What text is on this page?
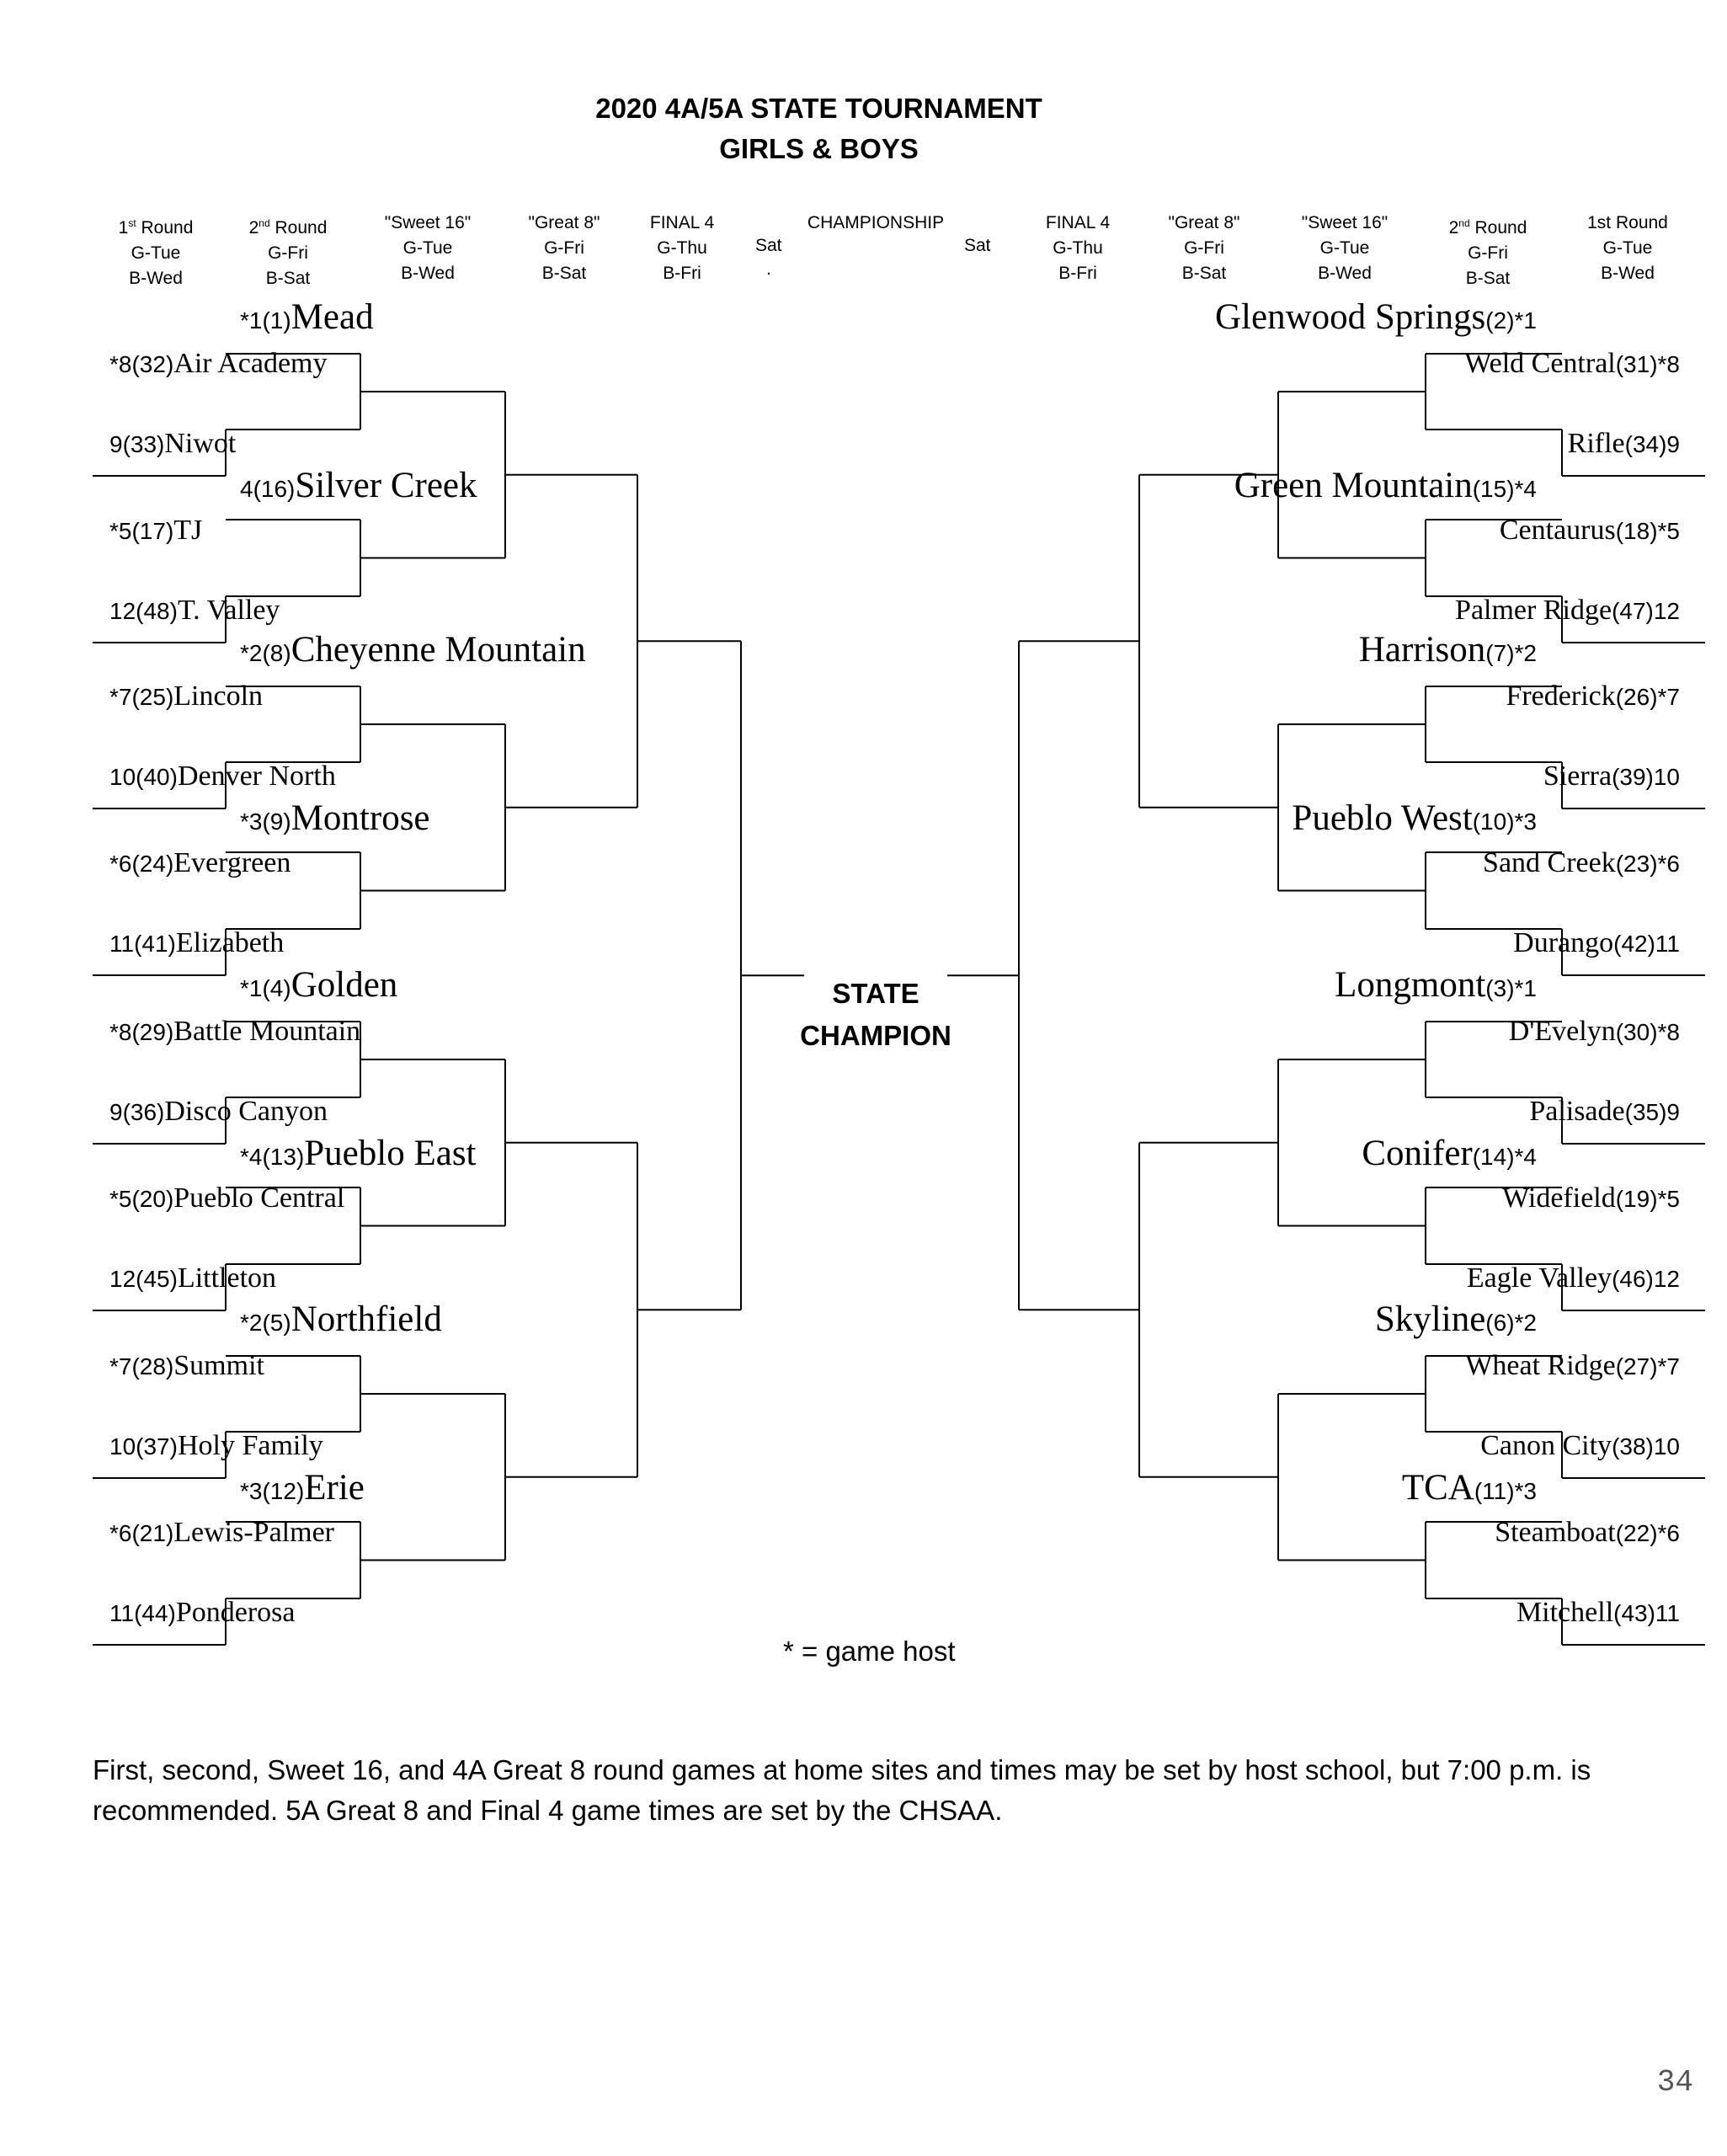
2020 4A/5A STATE TOURNAMENT
GIRLS & BOYS
1st Round
G-Tue
B-Wed
2nd Round
G-Fri
B-Sat
"Sweet 16"
G-Tue
B-Wed
"Great 8"
G-Fri
B-Sat
FINAL 4
G-Thu
B-Fri
CHAMPIONSHIP
Sat	Sat
.
FINAL 4
G-Thu
B-Fri
"Great 8"
G-Fri
B-Sat
"Sweet 16"
G-Tue
B-Wed
2nd Round
G-Fri
B-Sat
1st Round
G-Tue
B-Wed
*1(1)Mead
*8(32)Air Academy
9(33)Niwot
4(16)Silver Creek
*5(17)TJ
12(48)T. Valley
*2(8)Cheyenne Mountain
*7(25)Lincoln
10(40)Denver North
*3(9)Montrose
*6(24)Evergreen
11(41)Elizabeth
*1(4)Golden
*8(29)Battle Mountain
9(36)Disco Canyon
*4(13)Pueblo East
*5(20)Pueblo Central
12(45)Littleton
*2(5)Northfield
*7(28)Summit
10(37)Holy Family
*3(12)Erie
*6(21)Lewis-Palmer
11(44)Ponderosa
Glenwood Springs(2)*1
Weld Central(31)*8
Rifle(34)9
Green Mountain(15)*4
Centaurus(18)*5
Palmer Ridge(47)12
Harrison(7)*2
Frederick(26)*7
Sierra(39)10
Pueblo West(10)*3
Sand Creek(23)*6
Durango(42)11
Longmont(3)*1
D'Evelyn(30)*8
Palisade(35)9
Conifer(14)*4
Widefield(19)*5
Eagle Valley(46)12
Skyline(6)*2
Wheat Ridge(27)*7
Canon City(38)10
TCA(11)*3
Steamboat(22)*6
Mitchell(43)11
STATE
CHAMPION
* = game host
First, second, Sweet 16, and 4A Great 8 round games at home sites and times may be set by host school, but 7:00 p.m. is recommended. 5A Great 8 and Final 4 game times are set by the CHSAA.
34
